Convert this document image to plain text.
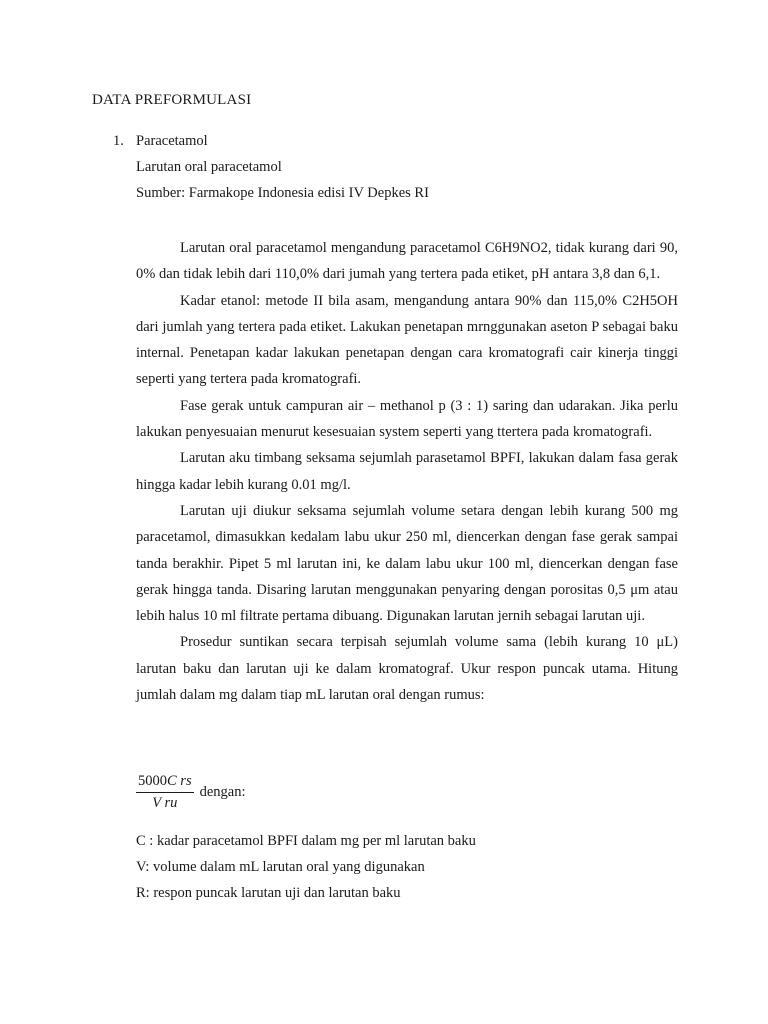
DATA PREFORMULASI
1. Paracetamol
Larutan oral paracetamol
Sumber: Farmakope Indonesia edisi IV Depkes RI

Larutan oral paracetamol mengandung paracetamol C6H9NO2, tidak kurang dari 90, 0% dan tidak lebih dari 110,0% dari jumah yang tertera pada etiket, pH antara 3,8 dan 6,1.

Kadar etanol: metode II bila asam, mengandung antara 90% dan 115,0% C2H5OH dari jumlah yang tertera pada etiket. Lakukan penetapan mrnggunakan aseton P sebagai baku internal. Penetapan kadar lakukan penetapan dengan cara kromatografi cair kinerja tinggi seperti yang tertera pada kromatografi.

Fase gerak untuk campuran air – methanol p (3 : 1) saring dan udarakan. Jika perlu lakukan penyesuaian menurut kesesuaian system seperti yang ttertera pada kromatografi.

Larutan aku timbang seksama sejumlah parasetamol BPFI, lakukan dalam fasa gerak hingga kadar lebih kurang 0.01 mg/l.

Larutan uji diukur seksama sejumlah volume setara dengan lebih kurang 500 mg paracetamol, dimasukkan kedalam labu ukur 250 ml, diencerkan dengan fase gerak sampai tanda berakhir. Pipet 5 ml larutan ini, ke dalam labu ukur 100 ml, diencerkan dengan fase gerak hingga tanda. Disaring larutan menggunakan penyaring dengan porositas 0,5 μm atau lebih halus 10 ml filtrate pertama dibuang. Digunakan larutan jernih sebagai larutan uji.

Prosedur suntikan secara terpisah sejumlah volume sama (lebih kurang 10 μL) larutan baku dan larutan uji ke dalam kromatograf. Ukur respon puncak utama. Hitung jumlah dalam mg dalam tiap mL larutan oral dengan rumus:

$\frac{\text{5000C rs}}{\text{V ru}}$ dengan:
C : kadar paracetamol BPFI dalam mg per ml larutan baku
V: volume dalam mL larutan oral yang digunakan
R: respon puncak larutan uji dan larutan baku
